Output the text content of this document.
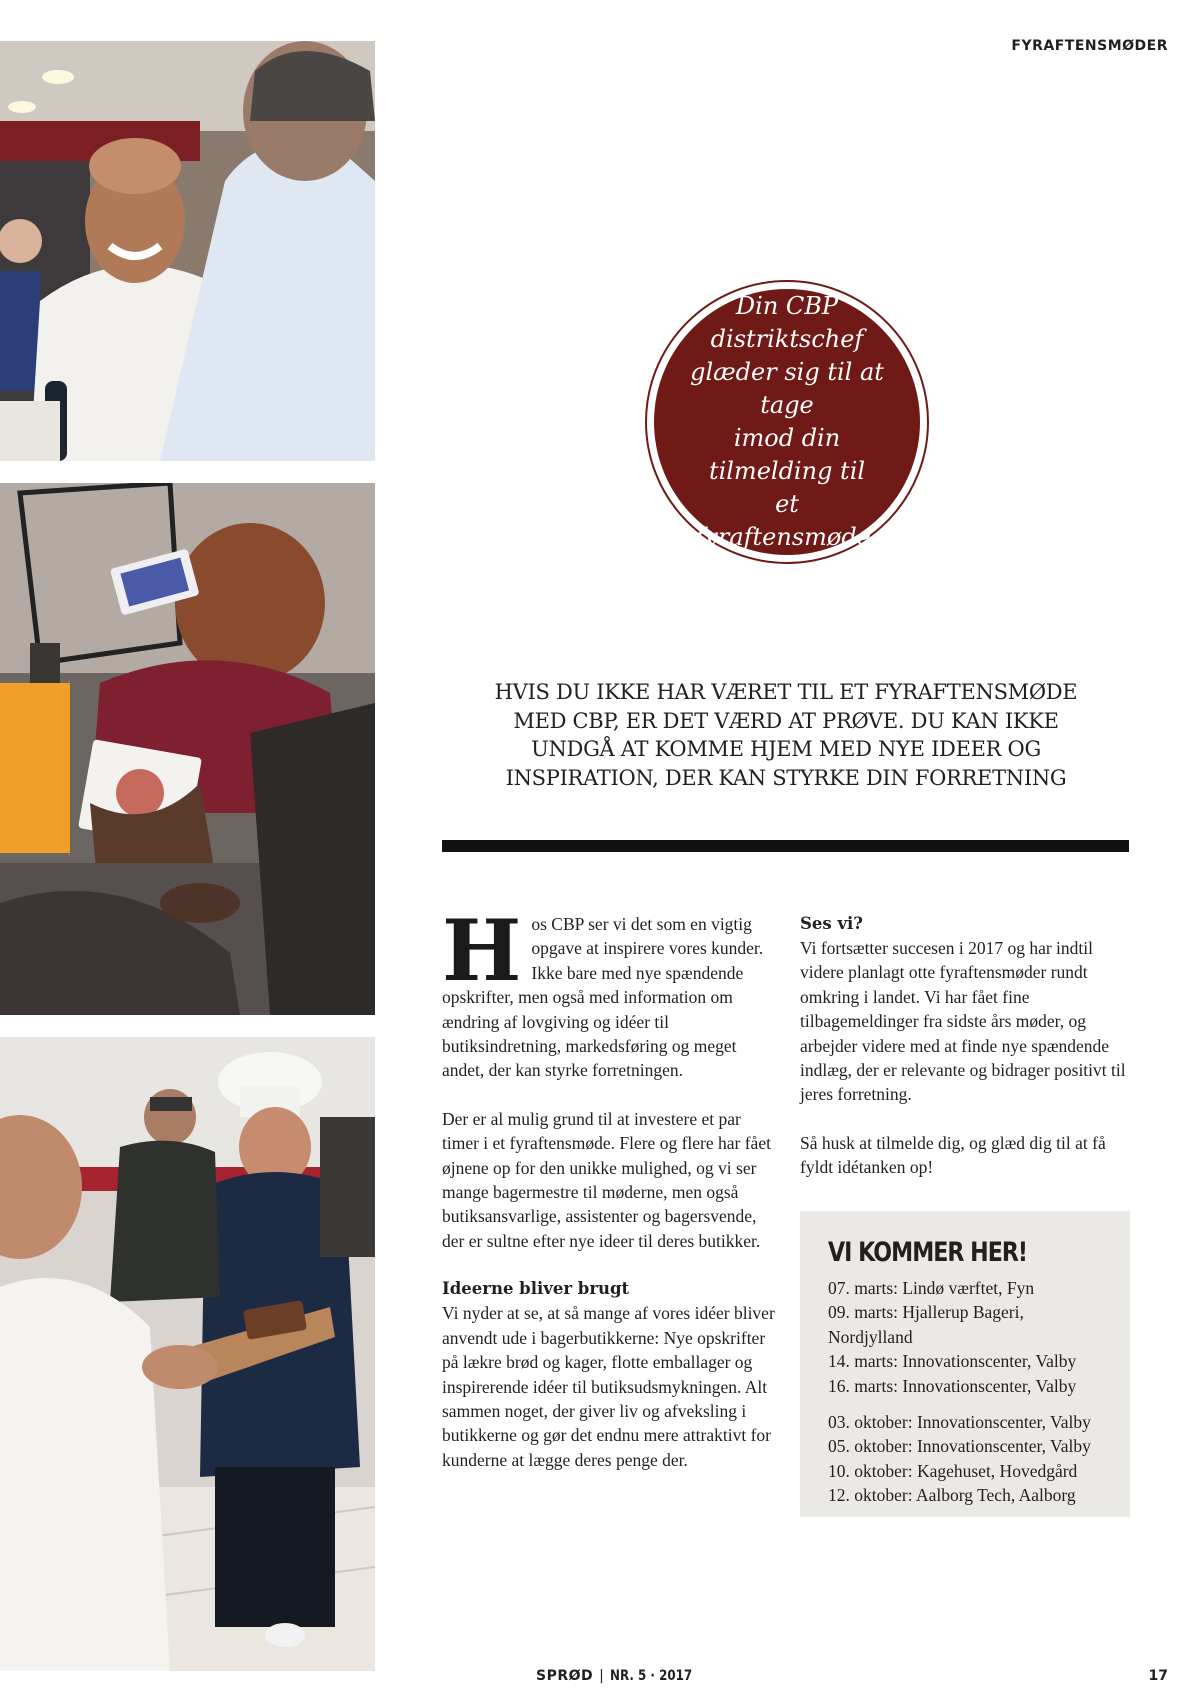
FYRAFTENSMØDER

Din CBP distriktschef
glæder sig til at tage
imod din tilmelding til
et fyraftensmøde.

HVIS DU IKKE HAR VÆRET TIL ET FYRAFTENSMØDE
MED CBP, ER DET VÆRD AT PRØVE. DU KAN IKKE
UNDGÅ AT KOMME HJEM MED NYE IDEER OG
INSPIRATION, DER KAN STYRKE DIN FORRETNING

Hos CBP ser vi det som en vigtig opgave at inspirere vores kunder. Ikke bare med nye spændende opskrifter, men også med information om ændring af lovgiving og idéer til butiksindretning, markedsføring og meget andet, der kan styrke forretningen.

Der er al mulig grund til at investere et par timer i et fyraftensmøde. Flere og flere har fået øjnene op for den unikke mulighed, og vi ser mange bagermestre til møderne, men også butiksansvarlige, assistenter og bagersvende, der er sultne efter nye ideer til deres butikker.

Ideerne bliver brugt

Vi nyder at se, at så mange af vores idéer bliver anvendt ude i bagerbutikkerne: Nye opskrifter på lækre brød og kager, flotte emballager og inspirerende idéer til butiksudsmykningen. Alt sammen noget, der giver liv og afveksling i butikkerne og gør det endnu mere attraktivt for kunderne at lægge deres penge der.

Ses vi?

Vi fortsætter succesen i 2017 og har indtil videre planlagt otte fyraftensmøder rundt omkring i landet. Vi har fået fine tilbagemeldinger fra sidste års møder, og arbejder videre med at finde nye spændende indlæg, der er relevante og bidrager positivt til jeres forretning.

Så husk at tilmelde dig, og glæd dig til at få fyldt idétanken op!

VI KOMMER HER!
07. marts: Lindø værftet, Fyn
09. marts: Hjallerup Bageri, Nordjylland
14. marts: Innovationscenter, Valby
16. marts: Innovationscenter, Valby
03. oktober: Innovationscenter, Valby
05. oktober: Innovationscenter, Valby
10. oktober: Kagehuset, Hovedgård
12. oktober: Aalborg Tech, Aalborg
SPRØD | NR. 5 · 2017	17
